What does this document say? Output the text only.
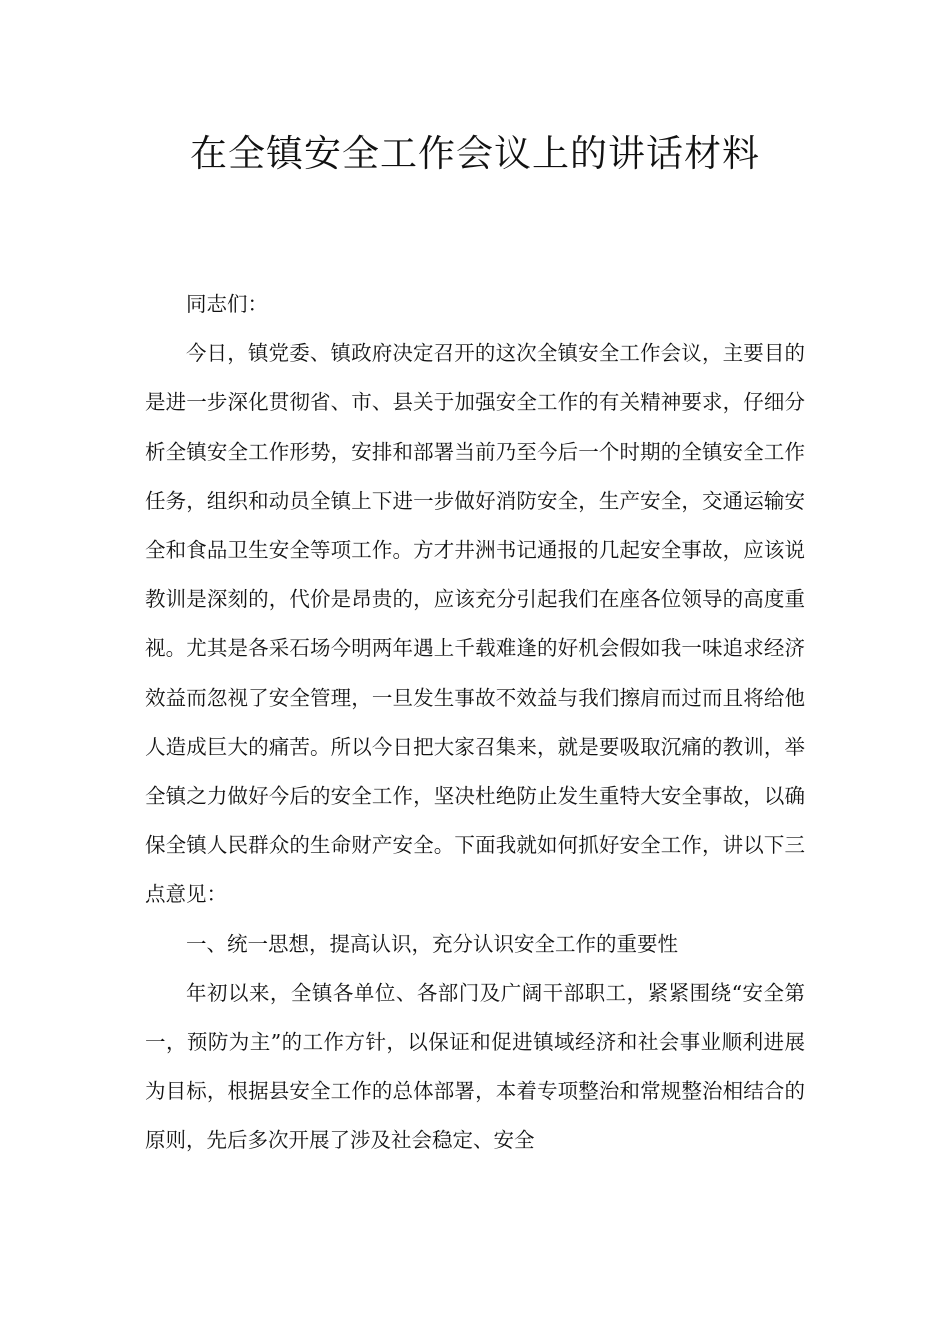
在全镇安全工作会议上的讲话材料

同志们：

今日，镇党委、镇政府决定召开的这次全镇安全工作会议，主要目的是进一步深化贯彻省、市、县关于加强安全工作的有关精神要求，仔细分析全镇安全工作形势，安排和部署当前乃至今后一个时期的全镇安全工作任务，组织和动员全镇上下进一步做好消防安全，生产安全，交通运输安全和食品卫生安全等项工作。方才井洲书记通报的几起安全事故，应该说教训是深刻的，代价是昂贵的，应该充分引起我们在座各位领导的高度重视。尤其是各采石场今明两年遇上千载难逢的好机会假如我一味追求经济效益而忽视了安全管理，一旦发生事故不效益与我们擦肩而过而且将给他人造成巨大的痛苦。所以今日把大家召集来，就是要吸取沉痛的教训，举全镇之力做好今后的安全工作，坚决杜绝防止发生重特大安全事故，以确保全镇人民群众的生命财产安全。下面我就如何抓好安全工作，讲以下三点意见：

一、统一思想，提高认识，充分认识安全工作的重要性

年初以来，全镇各单位、各部门及广阔干部职工，紧紧围绕“安全第一，预防为主”的工作方针，以保证和促进镇域经济和社会事业顺利进展为目标，根据县安全工作的总体部署，本着专项整治和常规整治相结合的原则，先后多次开展了涉及社会稳定、安全
